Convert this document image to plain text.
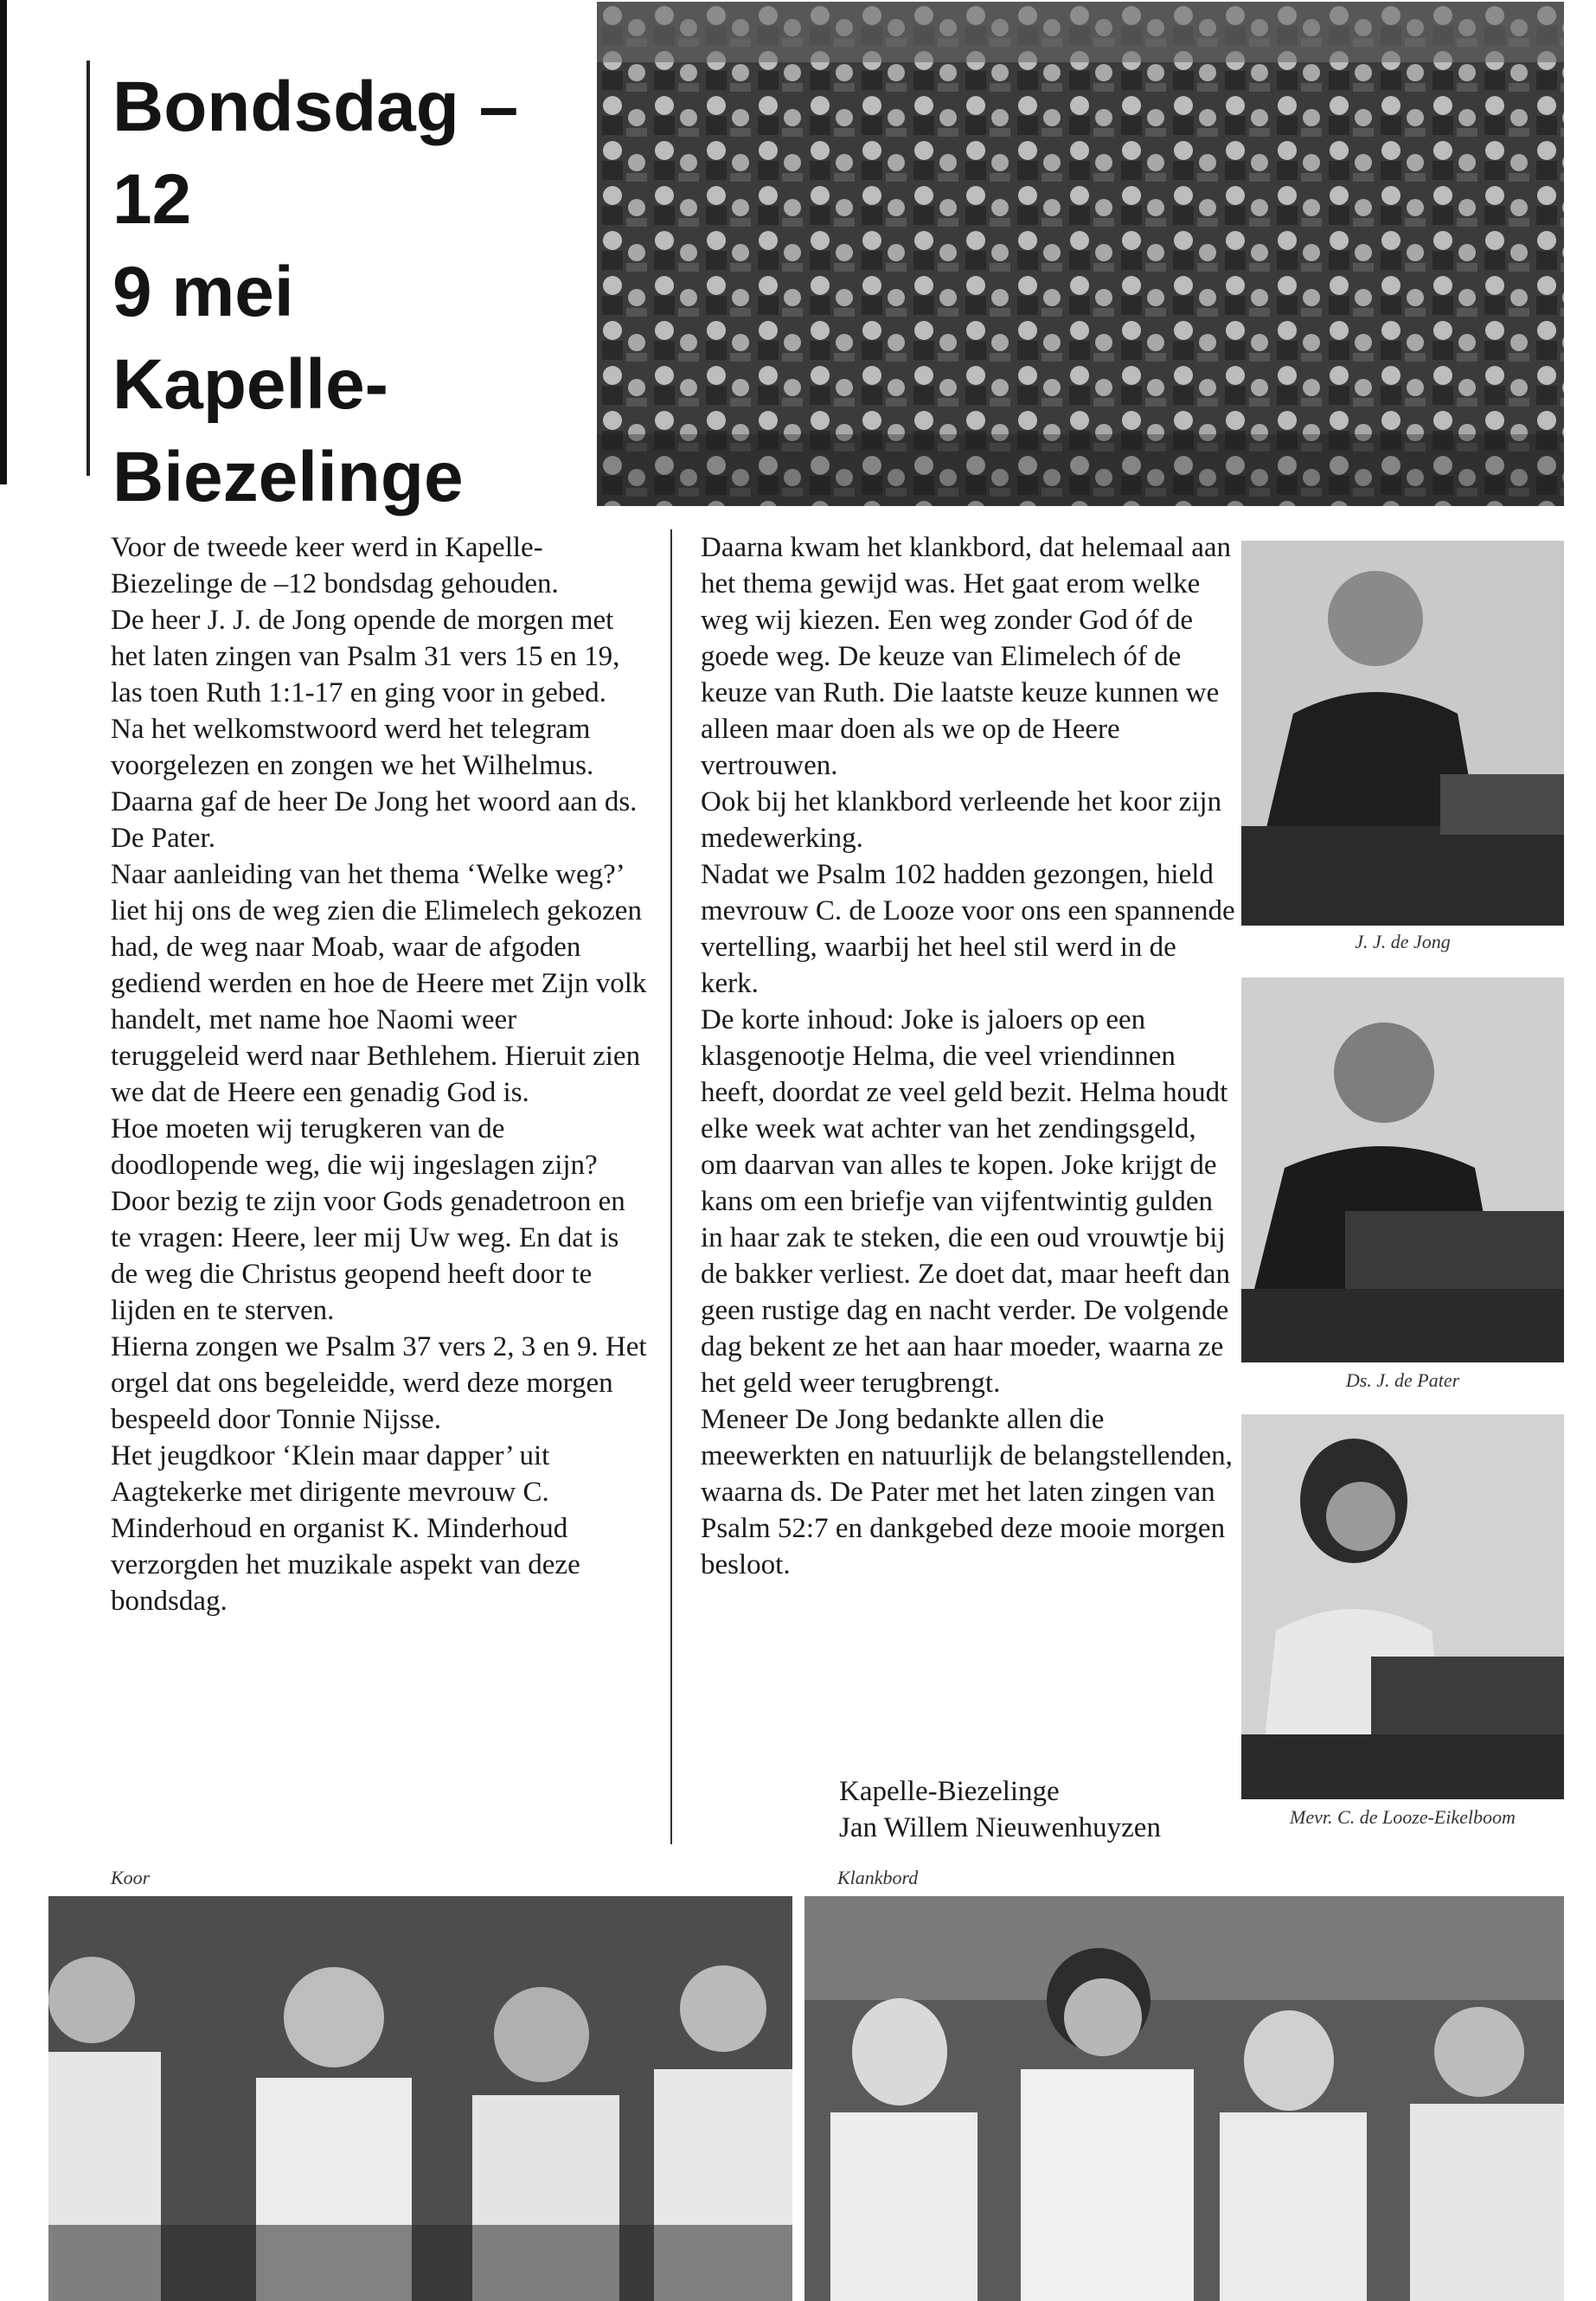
Bondsdag –12
9 mei
Kapelle-
Biezelinge

Voor de tweede keer werd in Kapelle-Biezelinge de –12 bondsdag gehouden.

De heer J. J. de Jong opende de morgen met het laten zingen van Psalm 31 vers 15 en 19, las toen Ruth 1:1-17 en ging voor in gebed.

Na het welkomstwoord werd het telegram voorgelezen en zongen we het Wilhelmus. Daarna gaf de heer De Jong het woord aan ds. De Pater.

Naar aanleiding van het thema ‘Welke weg?’ liet hij ons de weg zien die Elimelech gekozen had, de weg naar Moab, waar de afgoden gediend werden en hoe de Heere met Zijn volk handelt, met name hoe Naomi weer teruggeleid werd naar Bethlehem. Hieruit zien we dat de Heere een genadig God is.

Hoe moeten wij terugkeren van de doodlopende weg, die wij ingeslagen zijn? Door bezig te zijn voor Gods genadetroon en te vragen: Heere, leer mij Uw weg. En dat is de weg die Christus geopend heeft door te lijden en te sterven.

Hierna zongen we Psalm 37 vers 2, 3 en 9. Het orgel dat ons begeleidde, werd deze morgen bespeeld door Tonnie Nijsse.

Het jeugdkoor ‘Klein maar dapper’ uit Aagtekerke met dirigente mevrouw C. Minderhoud en organist K. Minderhoud verzorgden het muzikale aspekt van deze bondsdag.

Daarna kwam het klankbord, dat helemaal aan het thema gewijd was. Het gaat erom welke weg wij kiezen. Een weg zonder God óf de goede weg. De keuze van Elimelech óf de keuze van Ruth. Die laatste keuze kunnen we alleen maar doen als we op de Heere vertrouwen.

Ook bij het klankbord verleende het koor zijn medewerking.

Nadat we Psalm 102 hadden gezongen, hield mevrouw C. de Looze voor ons een spannende vertelling, waarbij het heel stil werd in de kerk.

De korte inhoud: Joke is jaloers op een klasgenootje Helma, die veel vriendinnen heeft, doordat ze veel geld bezit. Helma houdt elke week wat achter van het zendingsgeld, om daarvan van alles te kopen. Joke krijgt de kans om een briefje van vijfentwintig gulden in haar zak te steken, die een oud vrouwtje bij de bakker verliest. Ze doet dat, maar heeft dan geen rustige dag en nacht verder. De volgende dag bekent ze het aan haar moeder, waarna ze het geld weer terugbrengt.

Meneer De Jong bedankte allen die meewerkten en natuurlijk de belangstellenden, waarna ds. De Pater met het laten zingen van Psalm 52:7 en dankgebed deze mooie morgen besloot.

Kapelle-Biezelinge
Jan Willem Nieuwenhuyzen
J. J. de Jong
Ds. J. de Pater
Mevr. C. de Looze-Eikelboom
Koor	Klankbord
